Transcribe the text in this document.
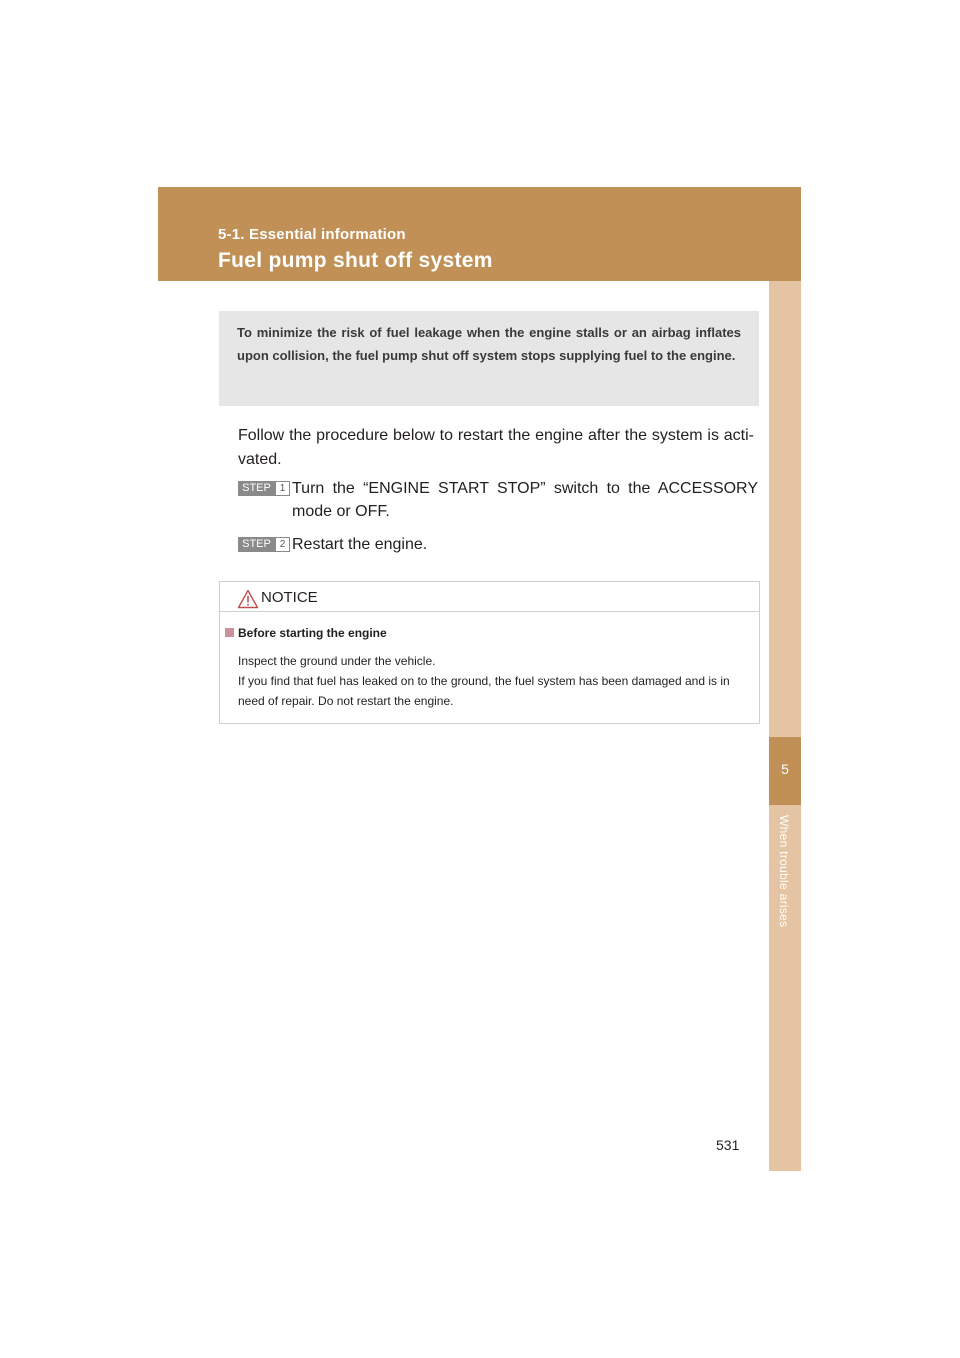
5-1. Essential information
Fuel pump shut off system
5
When trouble arises

To minimize the risk of fuel leakage when the engine stalls or an airbag inflates upon collision, the fuel pump shut off system stops supplying fuel to the engine.

Follow the procedure below to restart the engine after the system is acti-vated.

STEP 1 Turn the “ENGINE START STOP” switch to the ACCESSORY mode or OFF.
STEP 2 Restart the engine.
NOTICE
Before starting the engine
Inspect the ground under the vehicle.
If you find that fuel has leaked on to the ground, the fuel system has been damaged and is in need of repair. Do not restart the engine.
531
